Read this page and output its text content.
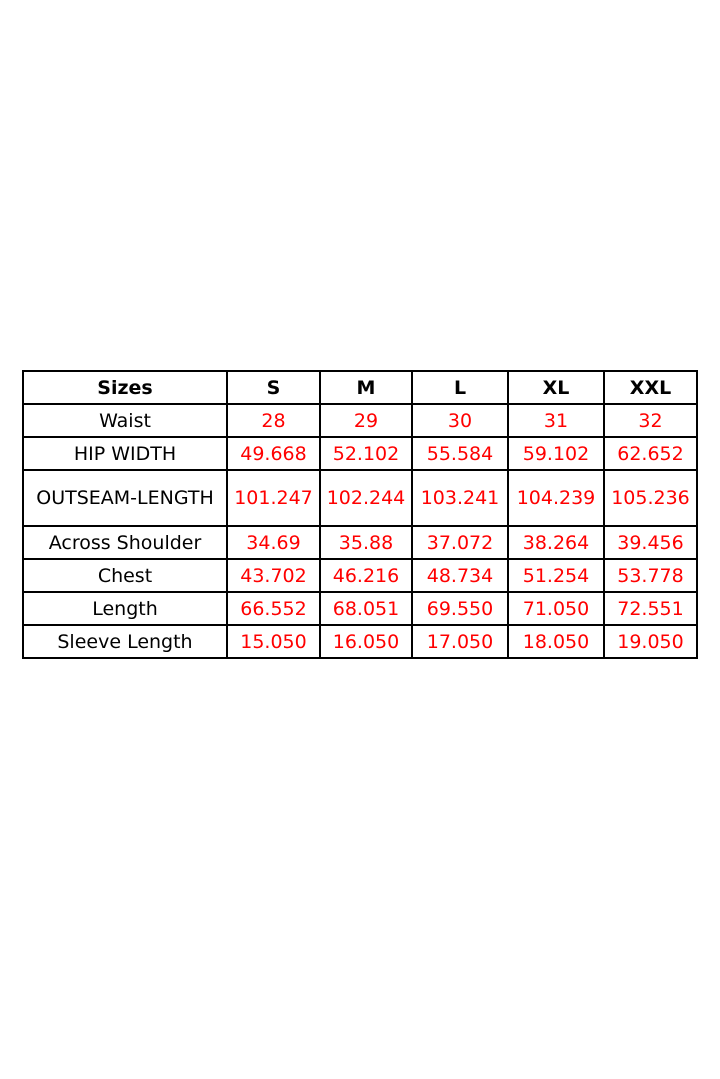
Sizes	S	M	L	XL	XXL
Waist	28	29	30	31	32
HIP WIDTH	49.668	52.102	55.584	59.102	62.652
OUTSEAM-LENGTH	101.247	102.244	103.241	104.239	105.236
Across Shoulder	34.69	35.88	37.072	38.264	39.456
Chest	43.702	46.216	48.734	51.254	53.778
Length	66.552	68.051	69.550	71.050	72.551
Sleeve Length	15.050	16.050	17.050	18.050	19.050
